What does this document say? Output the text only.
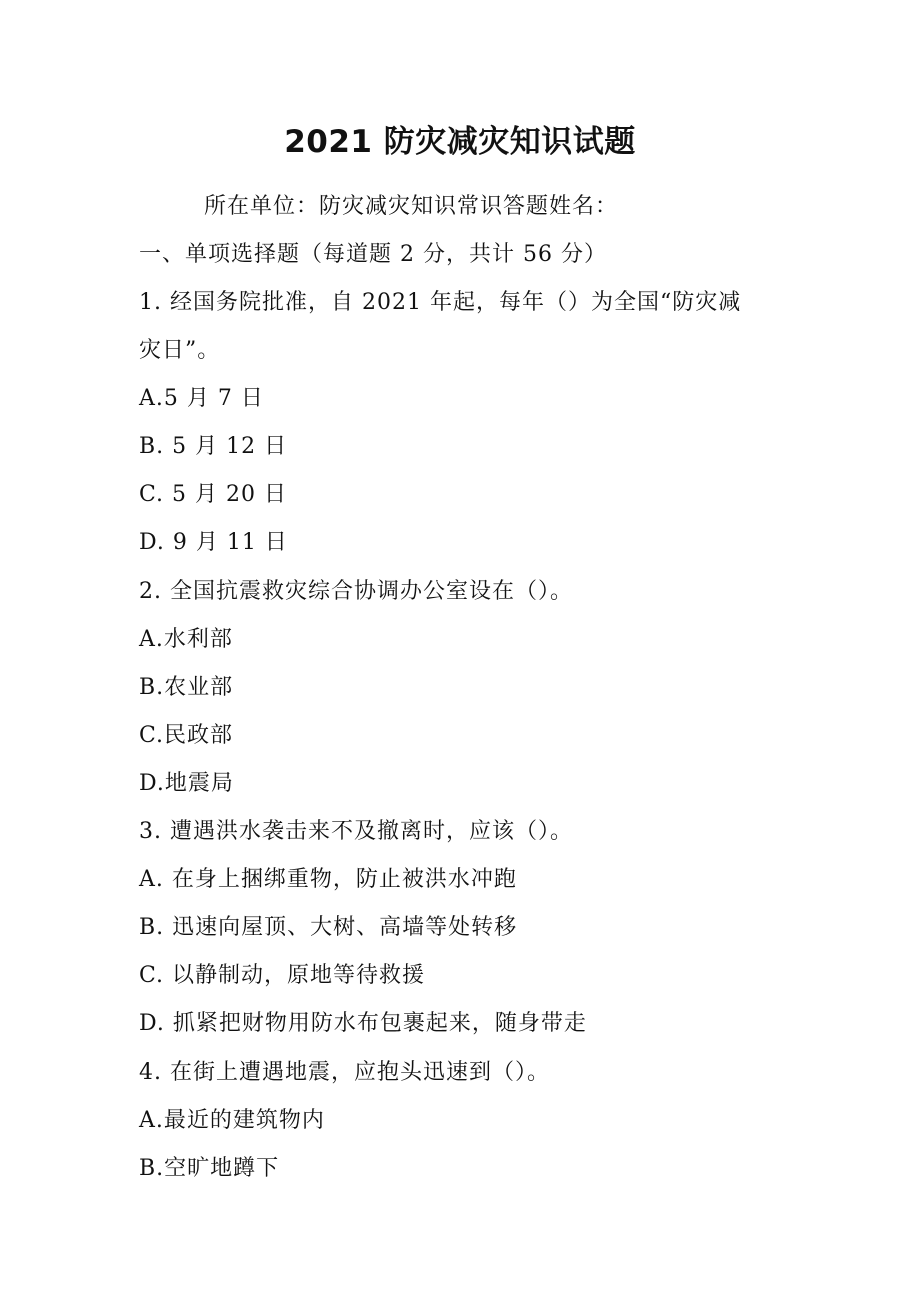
2021 防灾减灾知识试题
所在单位：防灾减灾知识常识答题姓名：
一、单项选择题（每道题 2 分，共计 56 分）
1. 经国务院批准，自 2021 年起，每年（）为全国“防灾减
灾日”。
A.5 月 7 日
B. 5 月 12 日
C. 5 月 20 日
D. 9 月 11 日
2. 全国抗震救灾综合协调办公室设在（）。
A.水利部
B.农业部
C.民政部
D.地震局
3. 遭遇洪水袭击来不及撤离时，应该（）。
A. 在身上捆绑重物，防止被洪水冲跑
B. 迅速向屋顶、大树、高墙等处转移
C. 以静制动，原地等待救援
D. 抓紧把财物用防水布包裹起来，随身带走
4. 在街上遭遇地震，应抱头迅速到（）。
A.最近的建筑物内
B.空旷地蹲下
